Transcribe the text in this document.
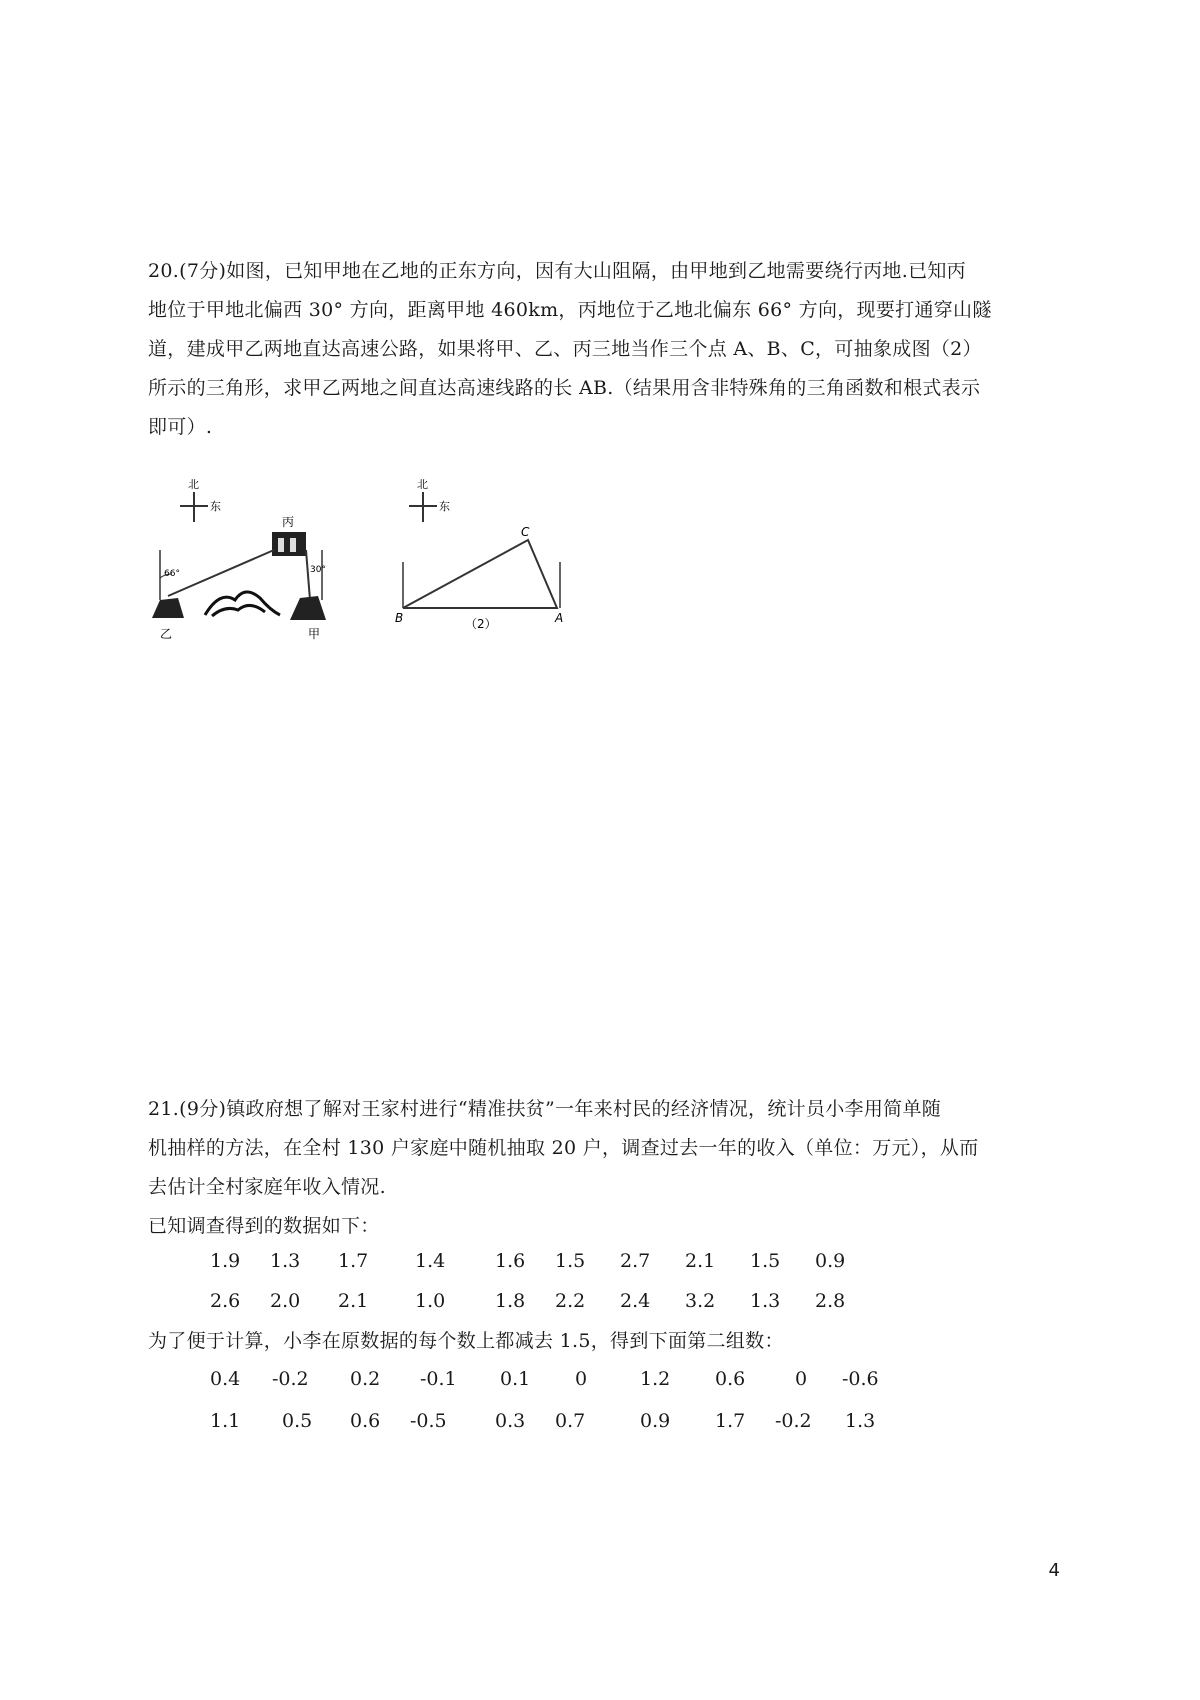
20.(7分)如图，已知甲地在乙地的正东方向，因有大山阻隔，由甲地到乙地需要绕行丙地.已知丙
地位于甲地北偏西 30° 方向，距离甲地 460km，丙地位于乙地北偏东 66° 方向，现要打通穿山隧
道，建成甲乙两地直达高速公路，如果将甲、乙、丙三地当作三个点 A、B、C，可抽象成图（2）
所示的三角形，求甲乙两地之间直达高速线路的长 AB.（结果用含非特殊角的三角函数和根式表示
即可）.
北
东
丙
66°	30°
乙	甲
北
东
B	A
C
（2）
21.(9分)镇政府想了解对王家村进行“精准扶贫”一年来村民的经济情况，统计员小李用简单随
机抽样的方法，在全村 130 户家庭中随机抽取 20 户，调查过去一年的收入（单位：万元），从而
去估计全村家庭年收入情况.
已知调查得到的数据如下：
1.9 1.3 1.7 1.4	1.6 1.5 2.7 2.1 1.5 0.9
2.6 2.0 2.1 1.0	1.8 2.2 2.4 3.2 1.3 2.8
为了便于计算，小李在原数据的每个数上都减去 1.5，得到下面第二组数：
0.4 -0.2 0.2 -0.1 0.1 0	1.2 0.6	0 -0.6
1.1 0.5 0.6 -0.5	0.3 0.7	0.9 1.7 -0.2 1.3
4
